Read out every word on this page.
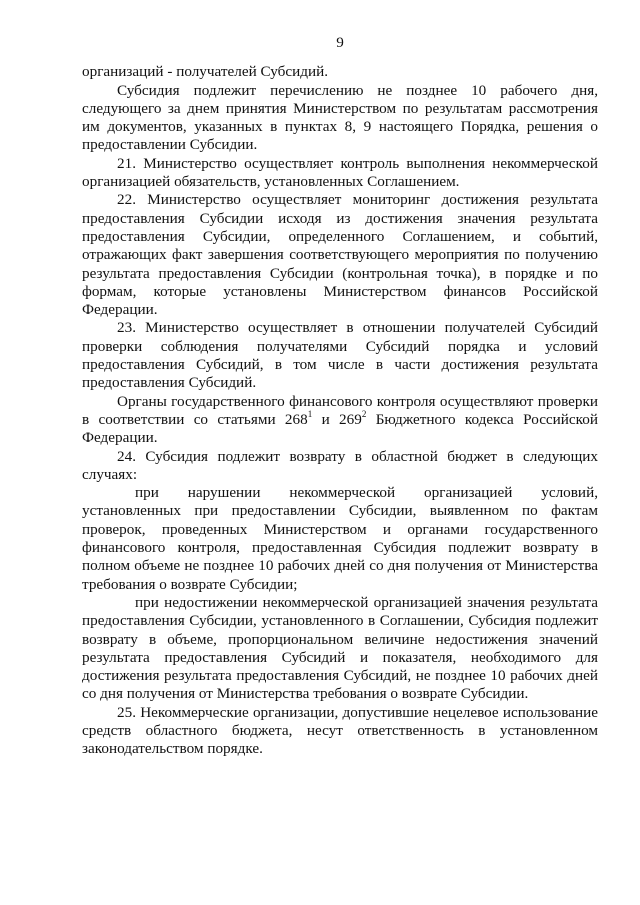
9

организаций - получателей Субсидий.

Субсидия подлежит перечислению не позднее 10 рабочего дня, следующего за днем принятия Министерством по результатам рассмотрения им документов, указанных в пунктах 8, 9 настоящего Порядка, решения о предоставлении Субсидии.

21. Министерство осуществляет контроль выполнения некоммерческой организацией обязательств, установленных Соглашением.

22. Министерство осуществляет мониторинг достижения результата предоставления Субсидии исходя из достижения значения результата предоставления Субсидии, определенного Соглашением, и событий, отражающих факт завершения соответствующего мероприятия по получению результата предоставления Субсидии (контрольная точка), в порядке и по формам, которые установлены Министерством финансов Российской Федерации.

23. Министерство осуществляет в отношении получателей Субсидий проверки соблюдения получателями Субсидий порядка и условий предоставления Субсидий, в том числе в части достижения результата предоставления Субсидий.

Органы государственного финансового контроля осуществляют проверки в соответствии со статьями $268^1$ и $269^2$ Бюджетного кодекса Российской Федерации.

24. Субсидия подлежит возврату в областной бюджет в следующих случаях:

при нарушении некоммерческой организацией условий, установленных при предоставлении Субсидии, выявленном по фактам проверок, проведенных Министерством и органами государственного финансового контроля, предоставленная Субсидия подлежит возврату в полном объеме не позднее 10 рабочих дней со дня получения от Министерства требования о возврате Субсидии;

при недостижении некоммерческой организацией значения результата предоставления Субсидии, установленного в Соглашении, Субсидия подлежит возврату в объеме, пропорциональном величине недостижения значений результата предоставления Субсидий и показателя, необходимого для достижения результата предоставления Субсидий, не позднее 10 рабочих дней со дня получения от Министерства требования о возврате Субсидии.

25. Некоммерческие организации, допустившие нецелевое использование средств областного бюджета, несут ответственность в установленном законодательством порядке.
